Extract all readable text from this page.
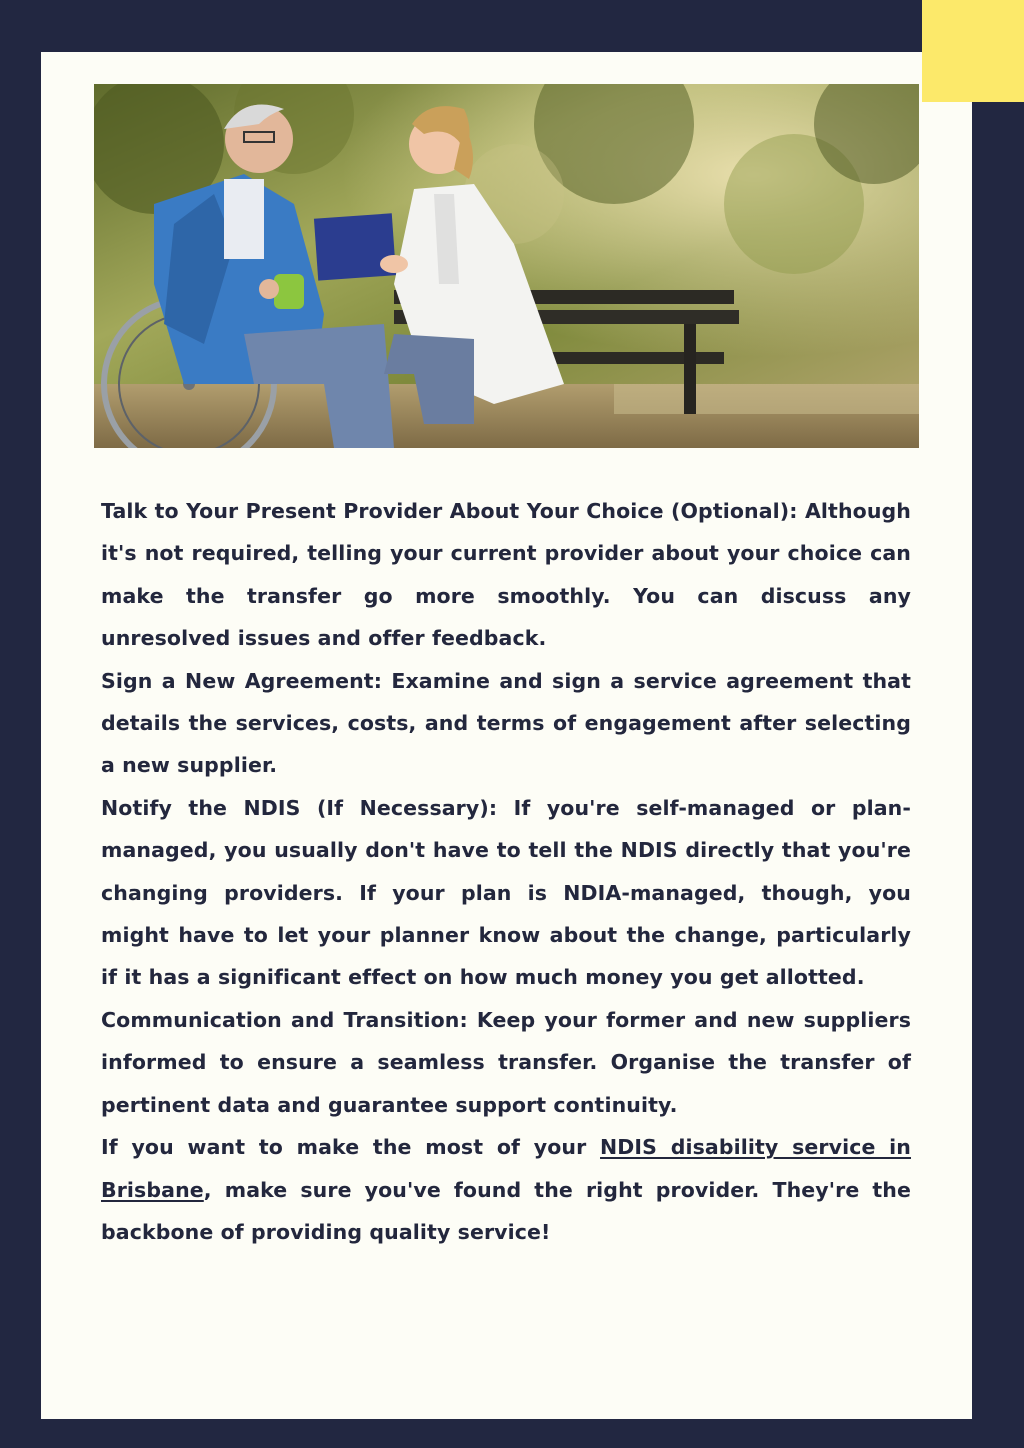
Talk to Your Present Provider About Your Choice (Optional): Although it's not required, telling your current provider about your choice can make the transfer go more smoothly. You can discuss any unresolved issues and offer feedback.

Sign a New Agreement: Examine and sign a service agreement that details the services, costs, and terms of engagement after selecting a new supplier.

Notify the NDIS (If Necessary): If you're self-managed or plan-managed, you usually don't have to tell the NDIS directly that you're changing providers. If your plan is NDIA-managed, though, you might have to let your planner know about the change, particularly if it has a significant effect on how much money you get allotted.

Communication and Transition: Keep your former and new suppliers informed to ensure a seamless transfer. Organise the transfer of pertinent data and guarantee support continuity.

If you want to make the most of your NDIS disability service in Brisbane, make sure you've found the right provider. They're the backbone of providing quality service!
